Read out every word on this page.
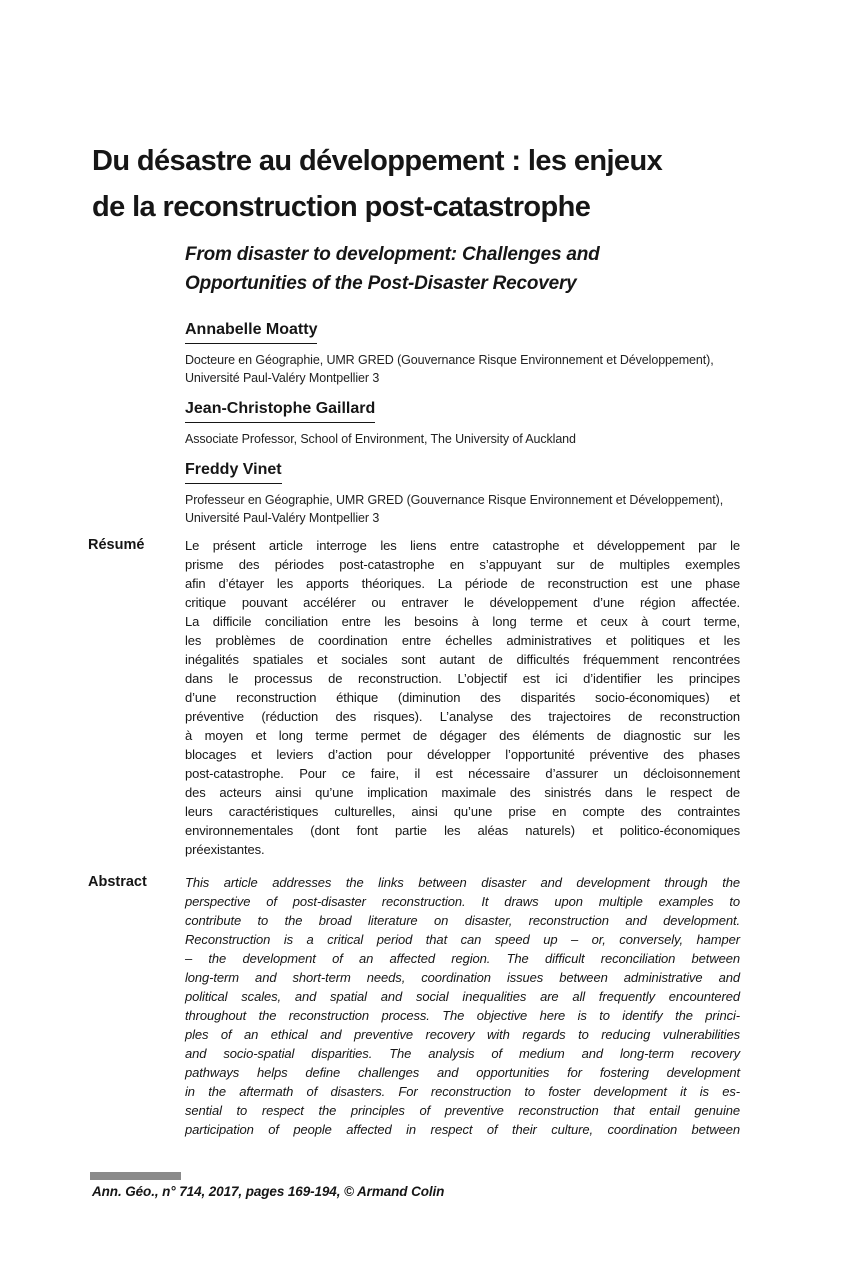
Du désastre au développement : les enjeux
de la reconstruction post-catastrophe
From disaster to development: Challenges and
Opportunities of the Post-Disaster Recovery
Annabelle Moatty
Docteure en Géographie, UMR GRED (Gouvernance Risque Environnement et Développement),
Université Paul-Valéry Montpellier 3
Jean-Christophe Gaillard
Associate Professor, School of Environment, The University of Auckland
Freddy Vinet
Professeur en Géographie, UMR GRED (Gouvernance Risque Environnement et Développement),
Université Paul-Valéry Montpellier 3
Résumé	Le présent article interroge les liens entre catastrophe et développement par le
prisme des périodes post-catastrophe en s’appuyant sur de multiples exemples
afin d’étayer les apports théoriques. La période de reconstruction est une phase
critique pouvant accélérer ou entraver le développement d’une région affectée.
La difficile conciliation entre les besoins à long terme et ceux à court terme,
les problèmes de coordination entre échelles administratives et politiques et les
inégalités spatiales et sociales sont autant de difficultés fréquemment rencontrées
dans le processus de reconstruction. L’objectif est ici d’identifier les principes
d’une reconstruction éthique (diminution des disparités socio-économiques) et
préventive (réduction des risques). L’analyse des trajectoires de reconstruction
à moyen et long terme permet de dégager des éléments de diagnostic sur les
blocages et leviers d’action pour développer l’opportunité préventive des phases
post-catastrophe. Pour ce faire, il est nécessaire d’assurer un décloisonnement
des acteurs ainsi qu’une implication maximale des sinistrés dans le respect de
leurs caractéristiques culturelles, ainsi qu’une prise en compte des contraintes
environnementales (dont font partie les aléas naturels) et politico-économiques
préexistantes.
Abstract	This article addresses the links between disaster and development through the
perspective of post-disaster reconstruction. It draws upon multiple examples to
contribute to the broad literature on disaster, reconstruction and development.
Reconstruction is a critical period that can speed up – or, conversely, hamper
– the development of an affected region. The difficult reconciliation between
long-term and short-term needs, coordination issues between administrative and
political scales, and spatial and social inequalities are all frequently encountered
throughout the reconstruction process. The objective here is to identify the princi-
ples of an ethical and preventive recovery with regards to reducing vulnerabilities
and socio-spatial disparities. The analysis of medium and long-term recovery
pathways helps define challenges and opportunities for fostering development
in the aftermath of disasters. For reconstruction to foster development it is es-
sential to respect the principles of preventive reconstruction that entail genuine
participation of people affected in respect of their culture, coordination between
Ann. Géo., n° 714, 2017, pages 169-194, © Armand Colin
